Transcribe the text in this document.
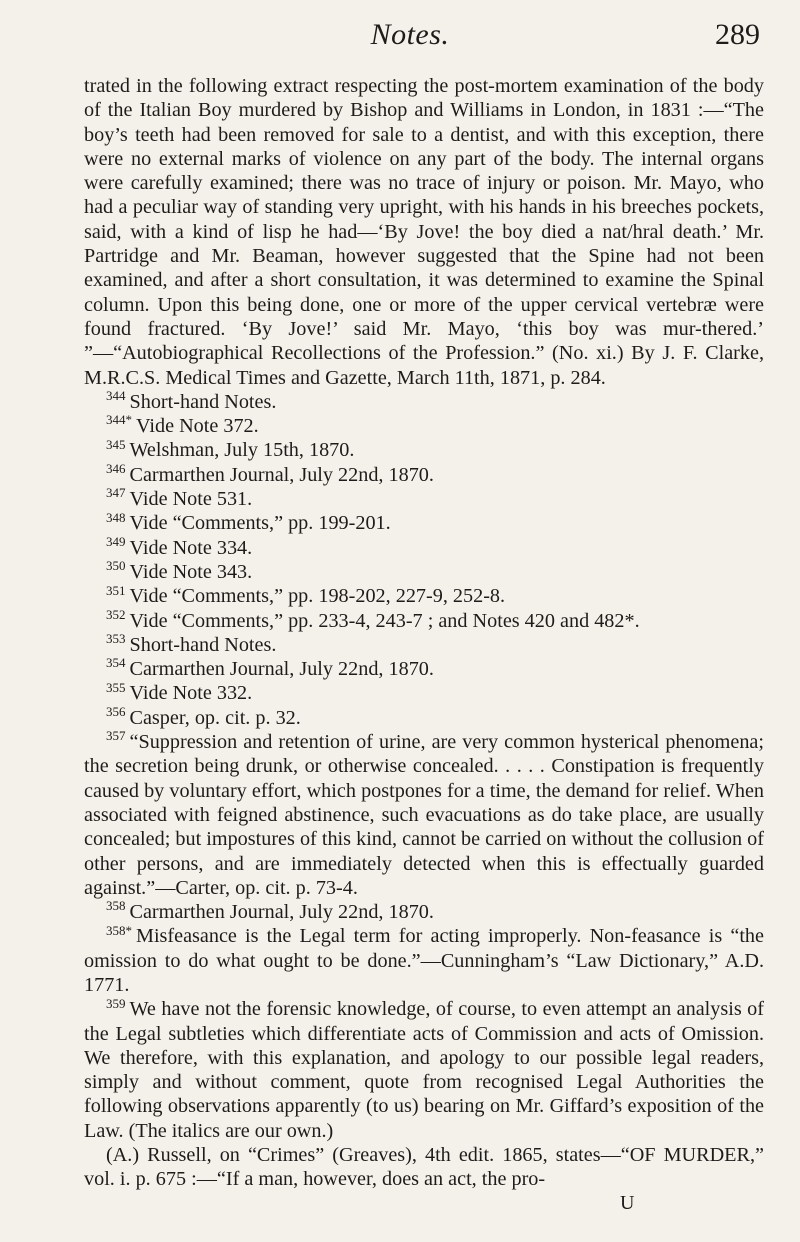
Notes.	289

trated in the following extract respecting the post-mortem examination of the body of the Italian Boy murdered by Bishop and Williams in London, in 1831 :—“The boy’s teeth had been removed for sale to a dentist, and with this exception, there were no external marks of violence on any part of the body. The internal organs were carefully examined; there was no trace of injury or poison. Mr. Mayo, who had a peculiar way of standing very upright, with his hands in his breeches pockets, said, with a kind of lisp he had—‘By Jove! the boy died a nat/hral death.’ Mr. Partridge and Mr. Beaman, however suggested that the Spine had not been examined, and after a short consultation, it was determined to examine the Spinal column. Upon this being done, one or more of the upper cervical vertebræ were found fractured. ‘By Jove!’ said Mr. Mayo, ‘this boy was mur-thered.’ ”—“Autobiographical Recollections of the Profession.” (No. xi.) By J. F. Clarke, M.R.C.S. Medical Times and Gazette, March 11th, 1871, p. 284.

$^{344}$ Short-hand Notes.

$^{344*}$ Vide Note 372.

$^{345}$ Welshman, July 15th, 1870.

$^{346}$ Carmarthen Journal, July 22nd, 1870.

$^{347}$ Vide Note 531.

$^{348}$ Vide “Comments,” pp. 199-201.

$^{349}$ Vide Note 334.

$^{350}$ Vide Note 343.

$^{351}$ Vide “Comments,” pp. 198-202, 227-9, 252-8.

$^{352}$ Vide “Comments,” pp. 233-4, 243-7 ; and Notes 420 and 482*.

$^{353}$ Short-hand Notes.

$^{354}$ Carmarthen Journal, July 22nd, 1870.

$^{355}$ Vide Note 332.

$^{356}$ Casper, op. cit. p. 32.

$^{357}$ “Suppression and retention of urine, are very common hysterical phenomena; the secretion being drunk, or otherwise concealed. . . . . Constipation is frequently caused by voluntary effort, which postpones for a time, the demand for relief. When associated with feigned abstinence, such evacuations as do take place, are usually concealed; but impostures of this kind, cannot be carried on without the collusion of other persons, and are immediately detected when this is effectually guarded against.”—Carter, op. cit. p. 73-4.

$^{358}$ Carmarthen Journal, July 22nd, 1870.

$^{358*}$ Misfeasance is the Legal term for acting improperly. Non-feasance is “the omission to do what ought to be done.”—Cunningham’s “Law Dictionary,” A.D. 1771.

$^{359}$ We have not the forensic knowledge, of course, to even attempt an analysis of the Legal subtleties which differentiate acts of Commission and acts of Omission. We therefore, with this explanation, and apology to our possible legal readers, simply and without comment, quote from recognised Legal Authorities the following observations apparently (to us) bearing on Mr. Giffard’s exposition of the Law. (The italics are our own.)

(A.) Russell, on “Crimes” (Greaves), 4th edit. 1865, states—“OF MURDER,” vol. i. p. 675 :—“If a man, however, does an act, the pro-

U
